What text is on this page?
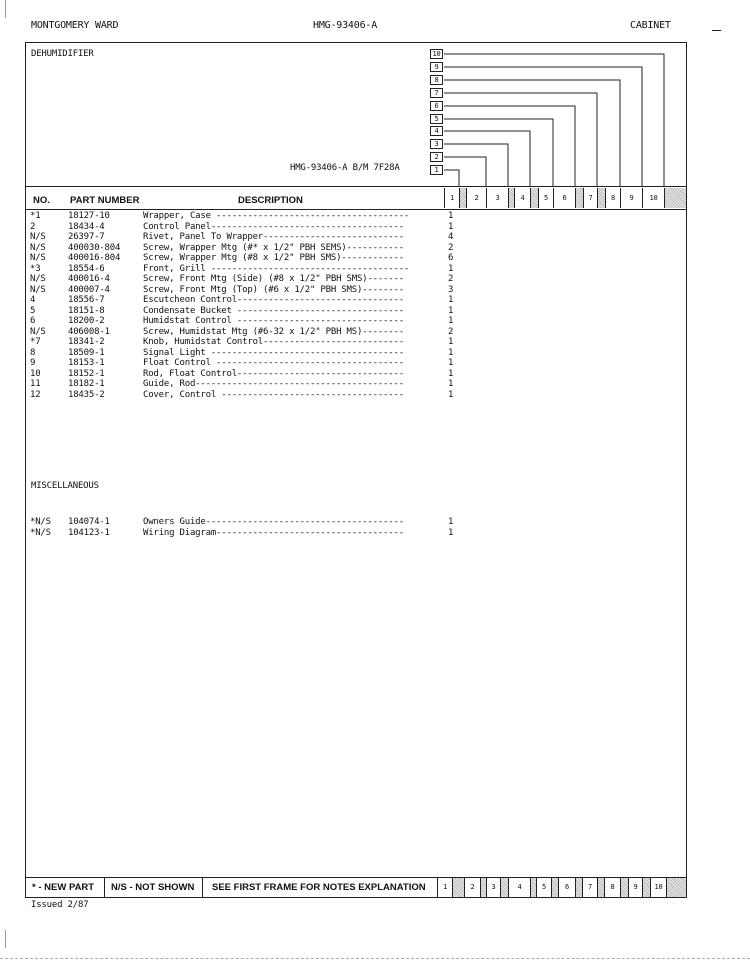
MONTGOMERY WARD	HMG-93406-A	CABINET
DEHUMIDIFIER
HMG-93406-A B/M 7F28A
10
9
8
7
6
5
4
3
2
1
NO. PART NUMBER	DESCRIPTION	1	2	3	4	5	6	7	8	9	10
*1	18127-10	Wrapper, Case -------------------------------------	1
2	18434-4	Control Panel-------------------------------------	1
N/S 26397-7	Rivet, Panel To Wrapper---------------------------	4
N/S 400030-804	Screw, Wrapper Mtg (#* x 1/2" PBH SEMS)-----------	2
N/S 400016-804	Screw, Wrapper Mtg (#8 x 1/2" PBH SMS)------------	6
*3	18554-6	Front, Grill --------------------------------------	1
N/S 400016-4	Screw, Front Mtg (Side) (#8 x 1/2" PBH SMS)-------	2
N/S 400007-4	Screw, Front Mtg (Top) (#6 x 1/2" PBH SMS)--------	3
4	18556-7	Escutcheon Control--------------------------------	1
5	18151-8	Condensate Bucket --------------------------------	1
6	18200-2	Humidstat Control --------------------------------	1
N/S 406008-1	Screw, Humidstat Mtg (#6-32 x 1/2" PBH MS)--------	2
*7	18341-2	Knob, Humidstat Control---------------------------	1
8	18509-1	Signal Light -------------------------------------	1
9	18153-1	Float Control ------------------------------------	1
10	18152-1	Rod, Float Control--------------------------------	1
11	18182-1	Guide, Rod----------------------------------------	1
12	18435-2	Cover, Control -----------------------------------	1
MISCELLANEOUS
*N/S 104074-1	Owners Guide--------------------------------------	1
*N/S 104123-1	Wiring Diagram------------------------------------	1
* - NEW PART N/S - NOT SHOWN SEE FIRST FRAME FOR NOTES EXPLANATION	1	2	3	4	5	6	7	8	9	10
Issued 2/87
